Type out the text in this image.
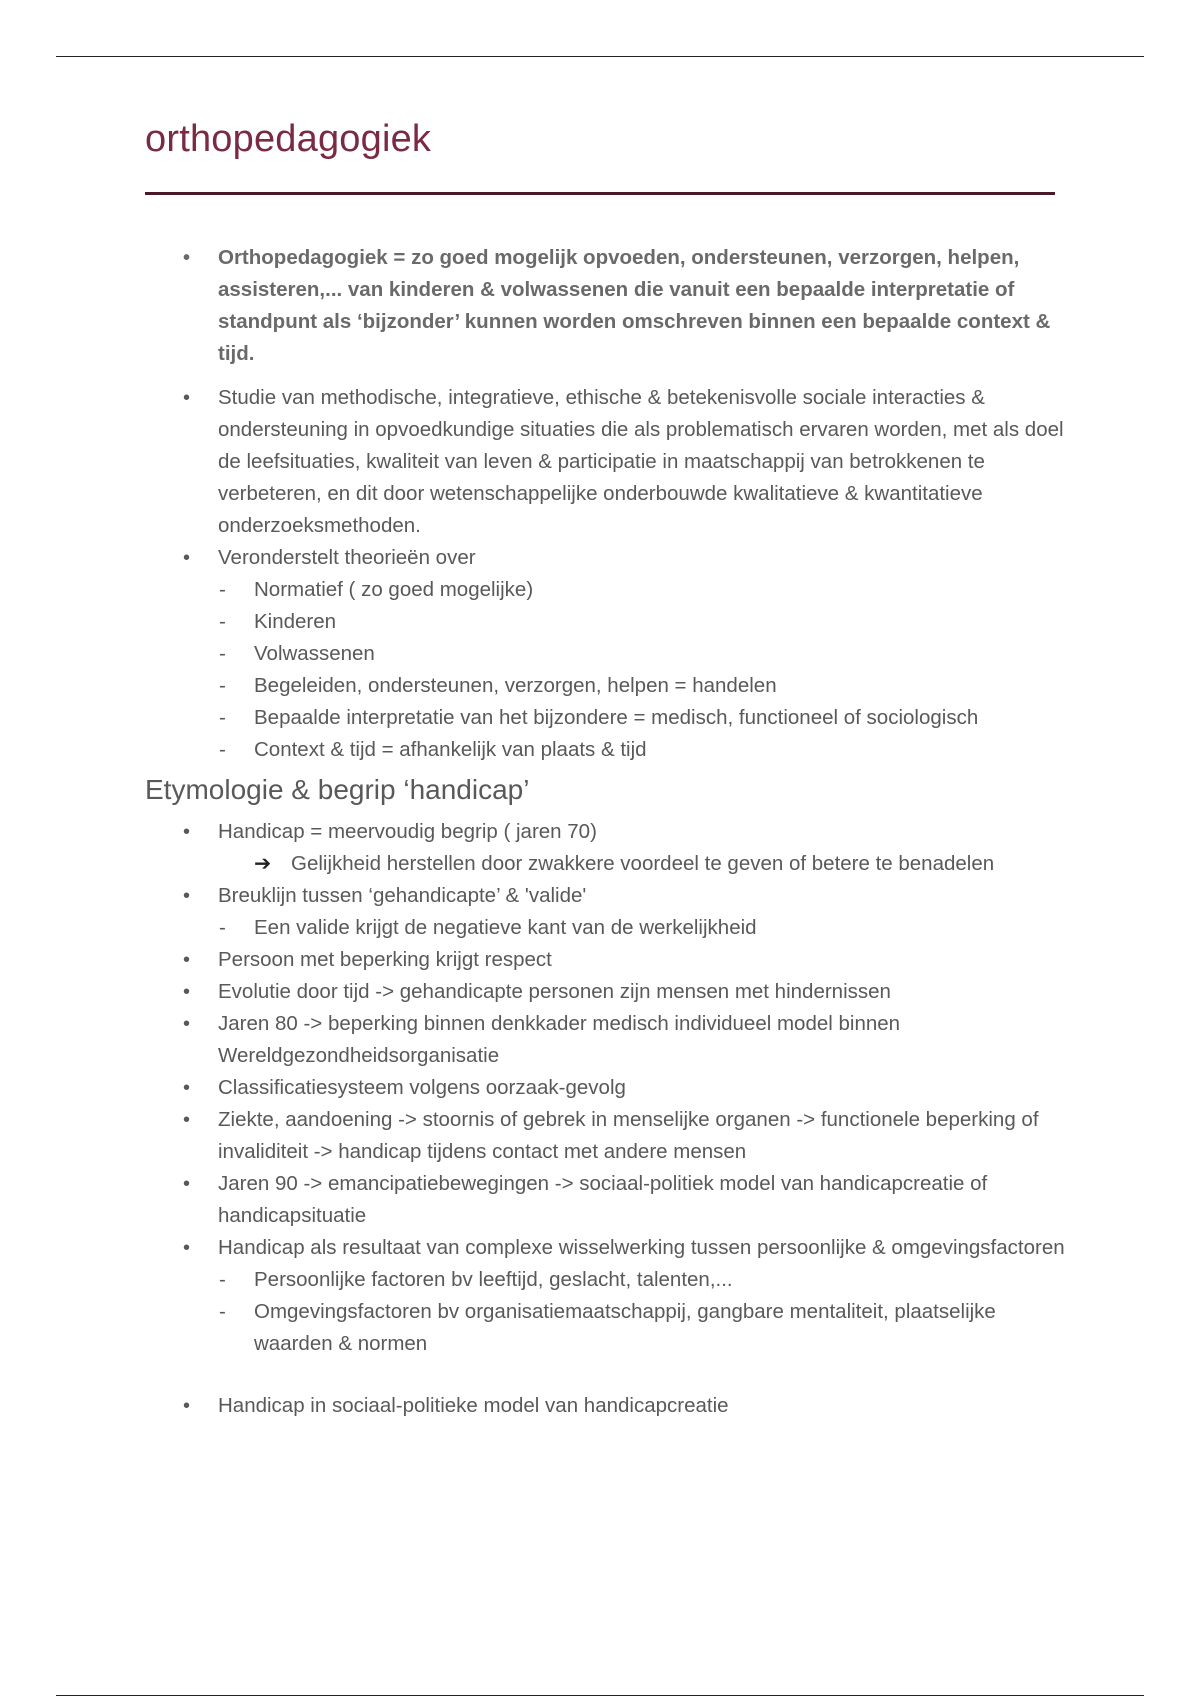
orthopedagogiek
• Orthopedagogiek = zo goed mogelijk opvoeden, ondersteunen, verzorgen, helpen, assisteren,... van kinderen & volwassenen die vanuit een bepaalde interpretatie of standpunt als ‘bijzonder’ kunnen worden omschreven binnen een bepaalde context & tijd.
• Studie van methodische, integratieve, ethische & betekenisvolle sociale interacties & ondersteuning in opvoedkundige situaties die als problematisch ervaren worden, met als doel de leefsituaties, kwaliteit van leven & participatie in maatschappij van betrokkenen te verbeteren, en dit door wetenschappelijke onderbouwde kwalitatieve & kwantitatieve onderzoeksmethoden.
• Veronderstelt theorieën over
- Normatief ( zo goed mogelijke)
- Kinderen
- Volwassenen
- Begeleiden, ondersteunen, verzorgen, helpen = handelen
- Bepaalde interpretatie van het bijzondere = medisch, functioneel of sociologisch
- Context & tijd = afhankelijk van plaats & tijd
Etymologie & begrip ‘handicap’
• Handicap = meervoudig begrip ( jaren 70)
➔ Gelijkheid herstellen door zwakkere voordeel te geven of betere te benadelen
• Breuklijn tussen ‘gehandicapte’ & 'valide'
- Een valide krijgt de negatieve kant van de werkelijkheid
• Persoon met beperking krijgt respect
• Evolutie door tijd -> gehandicapte personen zijn mensen met hindernissen
• Jaren 80 -> beperking binnen denkkader medisch individueel model binnen Wereldgezondheidsorganisatie
• Classificatiesysteem volgens oorzaak-gevolg
• Ziekte, aandoening -> stoornis of gebrek in menselijke organen -> functionele beperking of invaliditeit -> handicap tijdens contact met andere mensen
• Jaren 90 -> emancipatiebewegingen -> sociaal-politiek model van handicapcreatie of handicapsituatie
• Handicap als resultaat van complexe wisselwerking tussen persoonlijke & omgevingsfactoren
- Persoonlijke factoren bv leeftijd, geslacht, talenten,...
- Omgevingsfactoren bv organisatiemaatschappij, gangbare mentaliteit, plaatselijke waarden & normen
• Handicap in sociaal-politieke model van handicapcreatie
